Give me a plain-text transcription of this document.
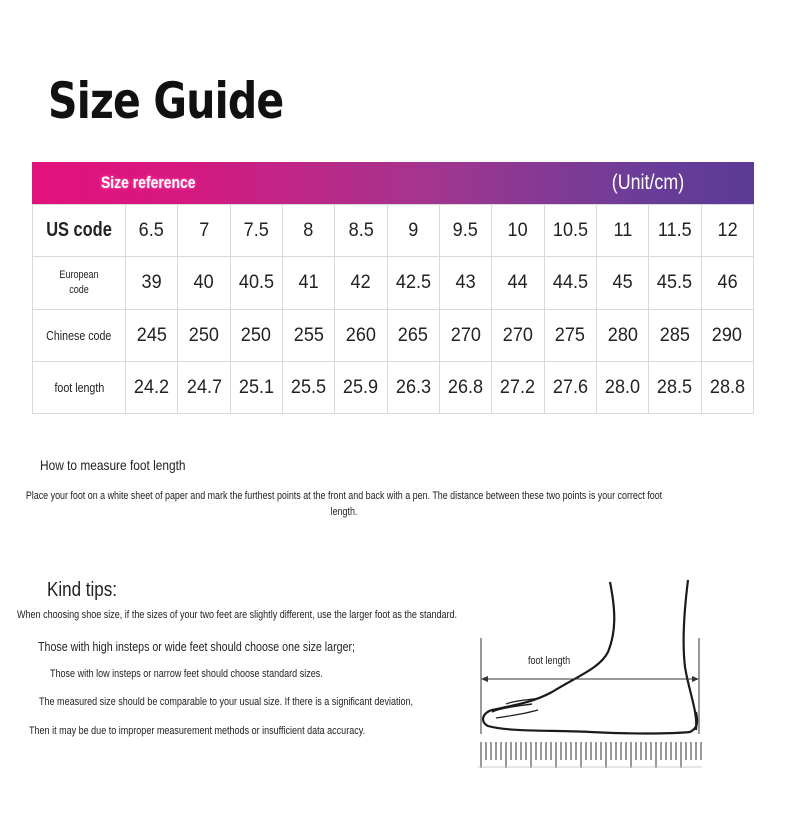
Size Guide
Size reference	(Unit/cm)
US code	6.5	7	7.5	8	8.5	9	9.5	10	10.5	11	11.5	12
European code	39	40	40.5	41	42	42.5	43	44	44.5	45	45.5	46
Chinese code	245	250	250	255	260	265	270	270	275	280	285	290
foot length	24.2	24.7	25.1	25.5	25.9	26.3	26.8	27.2	27.6	28.0	28.5	28.8
How to measure foot length
Place your foot on a white sheet of paper and mark the furthest points at the front and back with a pen. The distance between these two points is your correct foot length.
Kind tips:
When choosing shoe size, if the sizes of your two feet are slightly different, use the larger foot as the standard.
Those with high insteps or wide feet should choose one size larger;
Those with low insteps or narrow feet should choose standard sizes.
The measured size should be comparable to your usual size. If there is a significant deviation,
Then it may be due to improper measurement methods or insufficient data accuracy.
foot length
